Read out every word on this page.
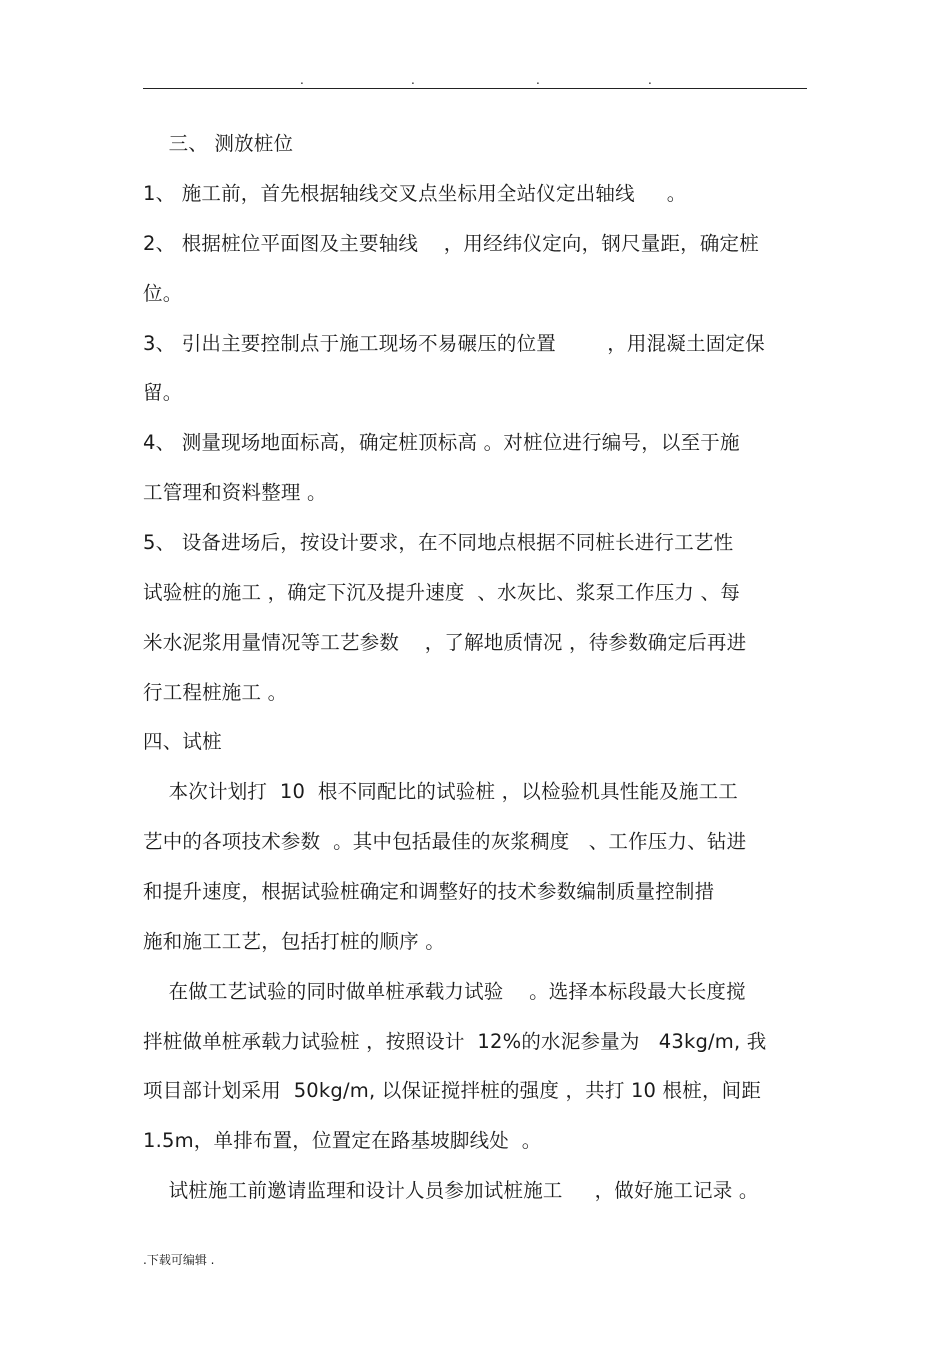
.	.	.	.
三、 测放桩位
1、 施工前，首先根据轴线交叉点坐标用全站仪定出轴线     。
2、 根据桩位平面图及主要轴线    ，用经纬仪定向，钢尺量距，确定桩
位。
3、 引出主要控制点于施工现场不易碾压的位置        ，用混凝土固定保
留。
4、 测量现场地面标高，确定桩顶标高 。对桩位进行编号，以至于施
工管理和资料整理 。
5、 设备进场后，按设计要求，在不同地点根据不同桩长进行工艺性
试验桩的施工 ，确定下沉及提升速度  、水灰比、浆泵工作压力 、每
米水泥浆用量情况等工艺参数    ，了解地质情况 ，待参数确定后再进
行工程桩施工 。
四、试桩
本次计划打  10  根不同配比的试验桩 ，以检验机具性能及施工工
艺中的各项技术参数  。其中包括最佳的灰浆稠度   、工作压力、钻进
和提升速度，根据试验桩确定和调整好的技术参数编制质量控制措
施和施工工艺，包括打桩的顺序 。
在做工艺试验的同时做单桩承载力试验    。选择本标段最大长度搅
拌桩做单桩承载力试验桩 ，按照设计  12%的水泥参量为   43kg/m, 我
项目部计划采用  50kg/m, 以保证搅拌桩的强度 ，共打 10 根桩，间距
1.5m，单排布置，位置定在路基坡脚线处  。
试桩施工前邀请监理和设计人员参加试桩施工     ，做好施工记录 。
.下载可编辑 .
